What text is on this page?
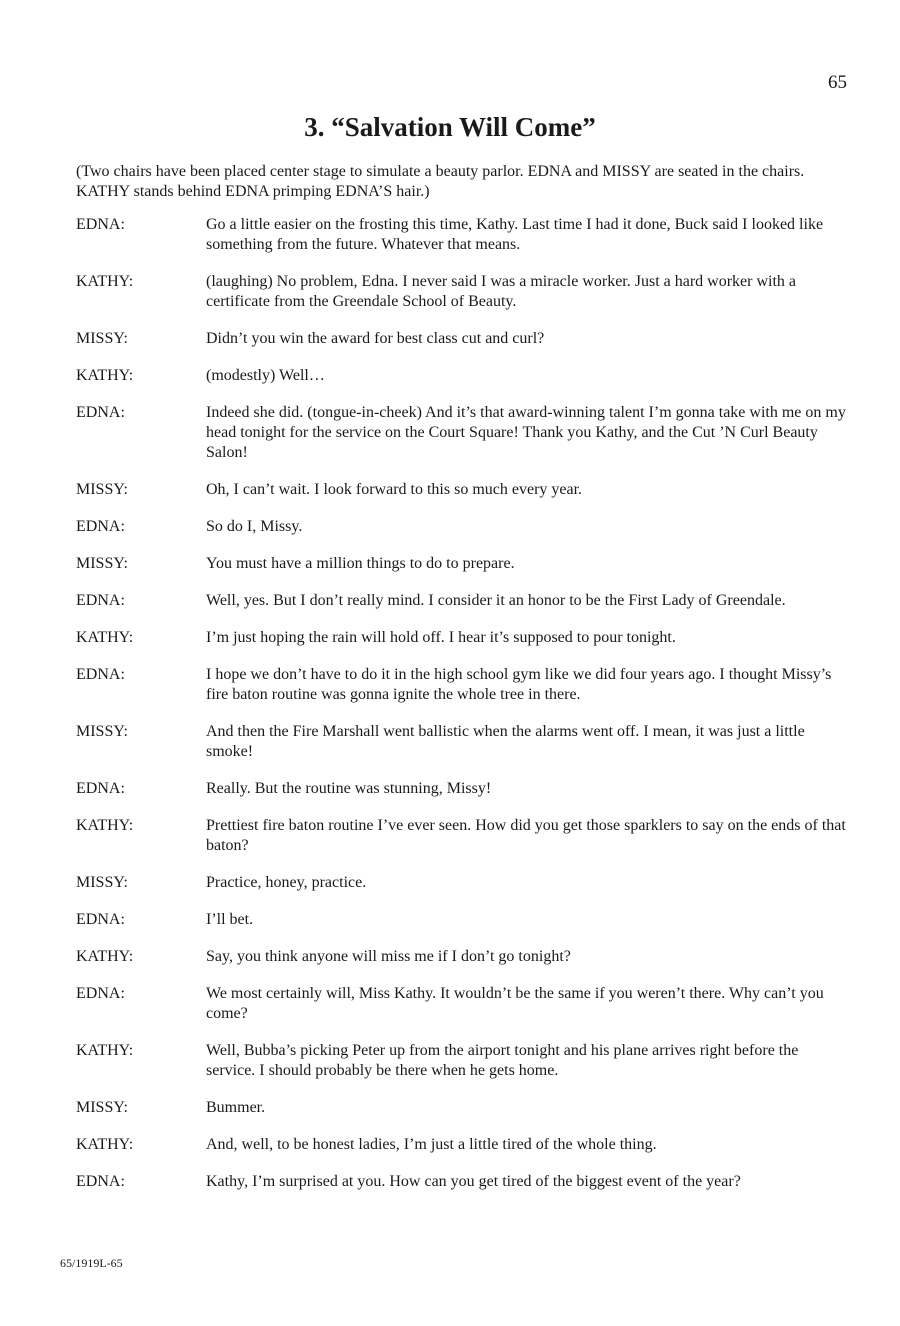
65
3. “Salvation Will Come”

(Two chairs have been placed center stage to simulate a beauty parlor. EDNA and MISSY are seated in the chairs. KATHY stands behind EDNA primping EDNA’S hair.)

EDNA:	Go a little easier on the frosting this time, Kathy. Last time I had it done, Buck said I looked like something from the future. Whatever that means.
KATHY:	(laughing) No problem, Edna. I never said I was a miracle worker. Just a hard worker with a certificate from the Greendale School of Beauty.
MISSY:	Didn’t you win the award for best class cut and curl?
KATHY:	(modestly) Well…
EDNA:	Indeed she did. (tongue-in-cheek) And it’s that award-winning talent I’m gonna take with me on my head tonight for the service on the Court Square! Thank you Kathy, and the Cut ’N Curl Beauty Salon!
MISSY:	Oh, I can’t wait. I look forward to this so much every year.
EDNA:	So do I, Missy.
MISSY:	You must have a million things to do to prepare.
EDNA:	Well, yes. But I don’t really mind. I consider it an honor to be the First Lady of Greendale.
KATHY:	I’m just hoping the rain will hold off. I hear it’s supposed to pour tonight.
EDNA:	I hope we don’t have to do it in the high school gym like we did four years ago. I thought Missy’s fire baton routine was gonna ignite the whole tree in there.
MISSY:	And then the Fire Marshall went ballistic when the alarms went off. I mean, it was just a little smoke!
EDNA:	Really. But the routine was stunning, Missy!
KATHY:	Prettiest fire baton routine I’ve ever seen. How did you get those sparklers to say on the ends of that baton?
MISSY:	Practice, honey, practice.
EDNA:	I’ll bet.
KATHY:	Say, you think anyone will miss me if I don’t go tonight?
EDNA:	We most certainly will, Miss Kathy. It wouldn’t be the same if you weren’t there. Why can’t you come?
KATHY:	Well, Bubba’s picking Peter up from the airport tonight and his plane arrives right before the service. I should probably be there when he gets home.
MISSY:	Bummer.
KATHY:	And, well, to be honest ladies, I’m just a little tired of the whole thing.
EDNA:	Kathy, I’m surprised at you. How can you get tired of the biggest event of the year?
65/1919L-65
